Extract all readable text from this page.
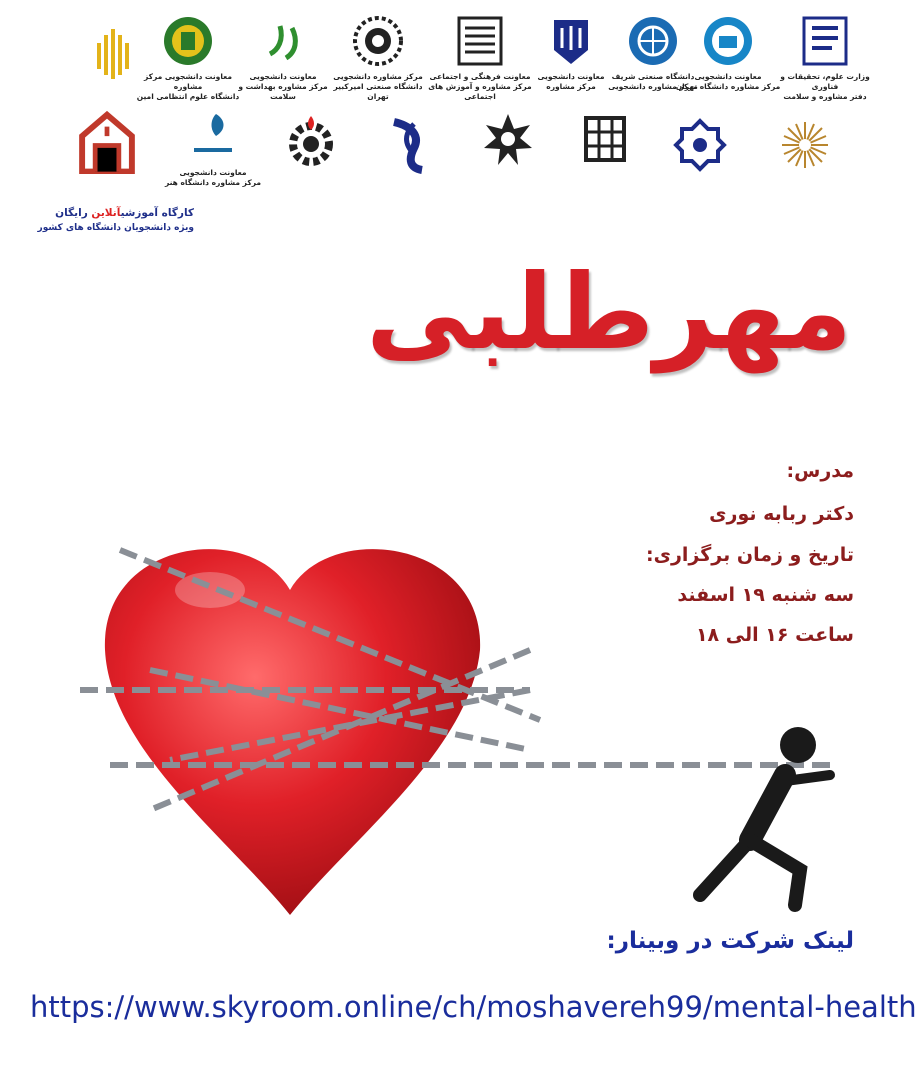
وزارت علوم، تحقیقات و فناوری
دفتر مشاوره و سلامت
معاونت دانشجویی
مرکز مشاوره دانشگاه تهران
دانشگاه صنعتی شریف
مرکز مشاوره دانشجویی
معاونت دانشجویی
مرکز مشاوره
معاونت فرهنگی و اجتماعی
مرکز مشاوره و آموزش های اجتماعی
مرکز مشاوره دانشجویی
دانشگاه صنعتی امیرکبیر تهران
معاونت دانشجویی
مرکز مشاوره بهداشت و سلامت
معاونت دانشجویی مرکز مشاوره
دانشگاه علوم انتظامی امین
معاونت دانشجویی
مرکز مشاوره دانشگاه هنر
کارگاه آموزشیآنلاین رایگان
ویژه دانشجویان دانشگاه های کشور
مهرطلبی
مدرس:
دکتر ربابه نوری
تاریخ و زمان برگزاری:
سه شنبه ۱۹ اسفند
ساعت ۱۶ الی ۱۸
لینک شرکت در وبینار:
https://www.skyroom.online/ch/moshavereh99/mental-health
